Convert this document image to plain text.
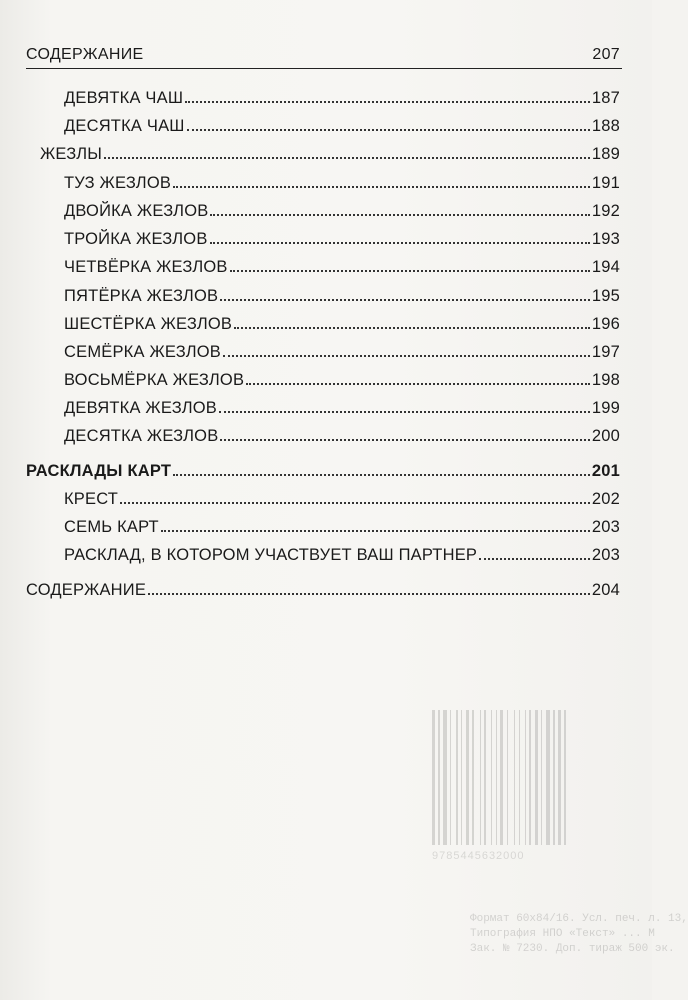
СОДЕРЖАНИЕ	207
ДЕВЯТКА ЧАШ	187
ДЕСЯТКА ЧАШ	188
ЖЕЗЛЫ	189
ТУЗ ЖЕЗЛОВ	191
ДВОЙКА ЖЕЗЛОВ	192
ТРОЙКА ЖЕЗЛОВ	193
ЧЕТВЁРКА ЖЕЗЛОВ	194
ПЯТЁРКА ЖЕЗЛОВ	195
ШЕСТЁРКА ЖЕЗЛОВ	196
СЕМЁРКА ЖЕЗЛОВ	197
ВОСЬМЁРКА ЖЕЗЛОВ	198
ДЕВЯТКА ЖЕЗЛОВ	199
ДЕСЯТКА ЖЕЗЛОВ	200
РАСКЛАДЫ КАРТ	201
КРЕСТ	202
СЕМЬ КАРТ	203
РАСКЛАД, В КОТОРОМ УЧАСТВУЕТ ВАШ ПАРТНЕР	203
СОДЕРЖАНИЕ	204
9785445632000
Формат 60x84/16. Усл. печ. л. 13,
Типография НПО «Текст» ... М
Зак. № 7230. Доп. тираж 500 эк.
